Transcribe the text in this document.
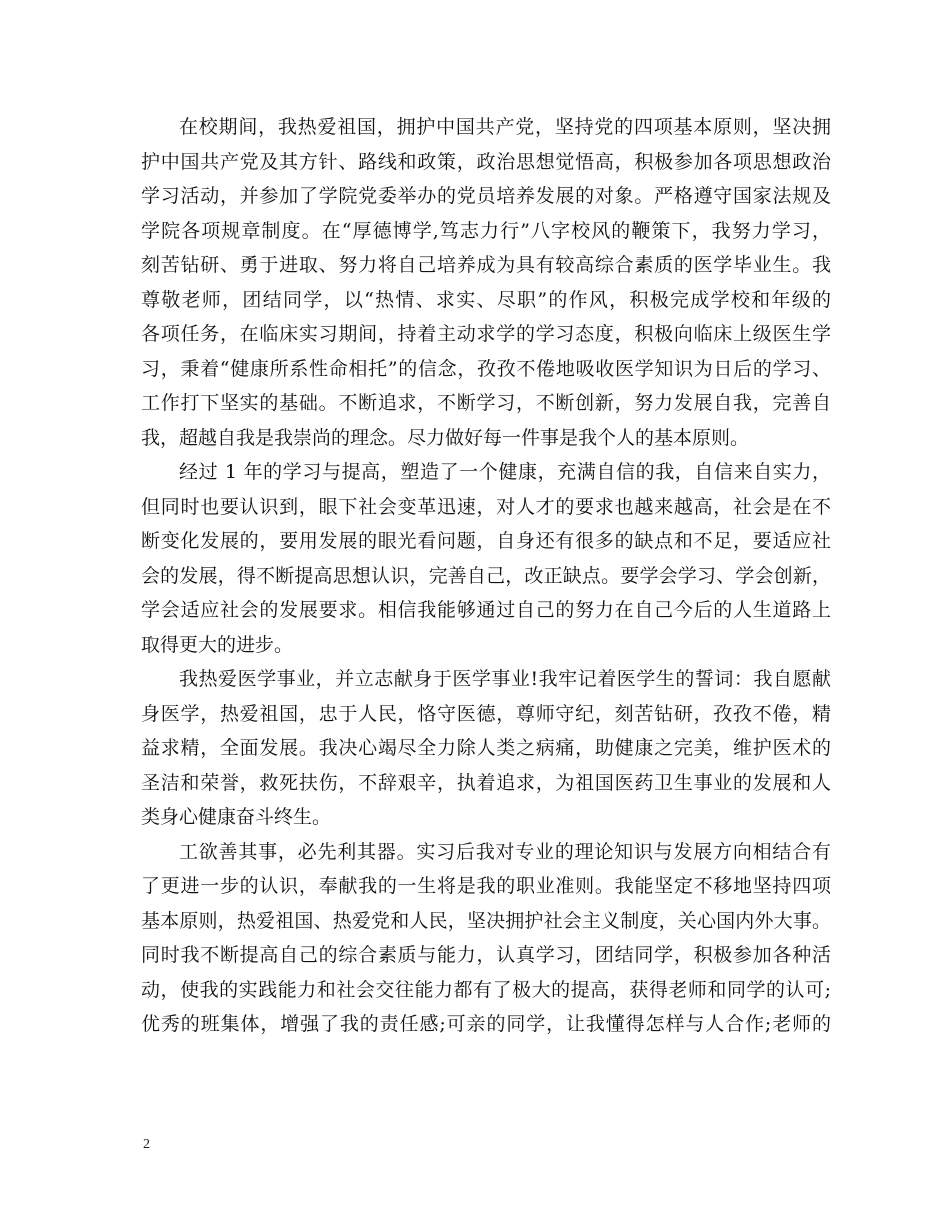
在校期间，我热爱祖国，拥护中国共产党，坚持党的四项基本原则，坚决拥
护中国共产党及其方针、路线和政策，政治思想觉悟高，积极参加各项思想政治
学习活动，并参加了学院党委举办的党员培养发展的对象。严格遵守国家法规及
学院各项规章制度。在“厚德博学,笃志力行”八字校风的鞭策下，我努力学习，
刻苦钻研、勇于进取、努力将自己培养成为具有较高综合素质的医学毕业生。我
尊敬老师，团结同学，以“热情、求实、尽职”的作风，积极完成学校和年级的
各项任务，在临床实习期间，持着主动求学的学习态度，积极向临床上级医生学
习，秉着“健康所系性命相托”的信念，孜孜不倦地吸收医学知识为日后的学习、
工作打下坚实的基础。不断追求，不断学习，不断创新，努力发展自我，完善自
我，超越自我是我崇尚的理念。尽力做好每一件事是我个人的基本原则。
经过 1 年的学习与提高，塑造了一个健康，充满自信的我，自信来自实力，
但同时也要认识到，眼下社会变革迅速，对人才的要求也越来越高，社会是在不
断变化发展的，要用发展的眼光看问题，自身还有很多的缺点和不足，要适应社
会的发展，得不断提高思想认识，完善自己，改正缺点。要学会学习、学会创新，
学会适应社会的发展要求。相信我能够通过自己的努力在自己今后的人生道路上
取得更大的进步。
我热爱医学事业，并立志献身于医学事业!我牢记着医学生的誓词：我自愿献
身医学，热爱祖国，忠于人民，恪守医德，尊师守纪，刻苦钻研，孜孜不倦，精
益求精，全面发展。我决心竭尽全力除人类之病痛，助健康之完美，维护医术的
圣洁和荣誉，救死扶伤，不辞艰辛，执着追求，为祖国医药卫生事业的发展和人
类身心健康奋斗终生。
工欲善其事，必先利其器。实习后我对专业的理论知识与发展方向相结合有
了更进一步的认识，奉献我的一生将是我的职业准则。我能坚定不移地坚持四项
基本原则，热爱祖国、热爱党和人民，坚决拥护社会主义制度，关心国内外大事。
同时我不断提高自己的综合素质与能力，认真学习，团结同学，积极参加各种活
动，使我的实践能力和社会交往能力都有了极大的提高，获得老师和同学的认可;
优秀的班集体，增强了我的责任感;可亲的同学，让我懂得怎样与人合作;老师的
2
